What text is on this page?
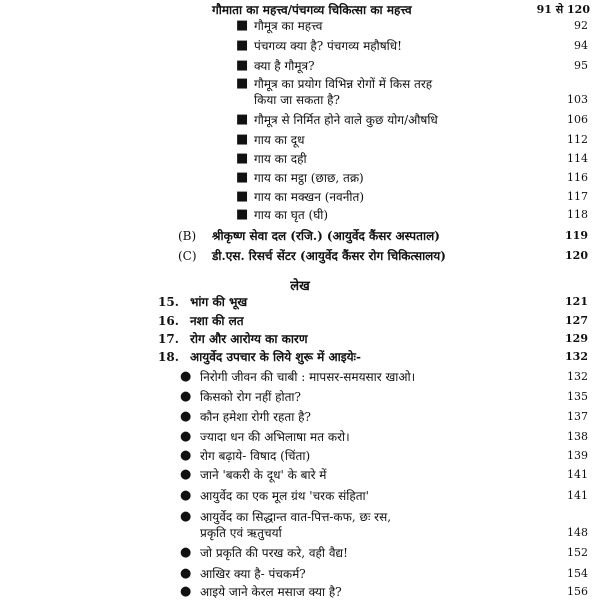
गौमाता का महत्त्व/पंचगव्य चिकित्सा का महत्त्व	91 से 120
■ गौमूत्र का महत्त्व	92
■ पंचगव्य क्या है? पंचगव्य महौषधि!	94
■ क्या है गौमूत्र?	95
■ गौमूत्र का प्रयोग विभिन्न रोगों में किस तरह
किया जा सकता है?	103
■ गौमूत्र से निर्मित होने वाले कुछ योग/औषधि	106
■ गाय का दूध	112
■ गाय का दही	114
■ गाय का मट्ठा (छाछ, तक्र)	116
■ गाय का मक्खन (नवनीत)	117
■ गाय का घृत (घी)	118
(B) श्रीकृष्ण सेवा दल (रजि.) (आयुर्वेद कैंसर अस्पताल)	119
(C) डी.एस. रिसर्च सेंटर (आयुर्वेद कैंसर रोग चिकित्सालय)	120
लेख
15. भांग की भूख	121
16. नशा की लत	127
17. रोग और आरोग्य का कारण	129
18. आयुर्वेद उपचार के लिये शुरू में आइयेः-	132
● निरोगी जीवन की चाबी : मापसर-समयसार खाओ।	132
● किसको रोग नहीं होता?	135
● कौन हमेशा रोगी रहता है?	137
● ज्यादा धन की अभिलाषा मत करो।	138
● रोग बढ़ाये- विषाद (चिंता)	139
● जाने 'बकरी के दूध' के बारे में	141
● आयुर्वेद का एक मूल ग्रंथ 'चरक संहिता'	141
● आयुर्वेद का सिद्धान्त वात-पित्त-कफ, छः रस,
प्रकृति एवं ऋतुचर्या	148
● जो प्रकृति की परख करे, वही वैद्य!	152
● आखिर क्या है- पंचकर्म?	154
● आइये जाने केरल मसाज क्या है?	156
